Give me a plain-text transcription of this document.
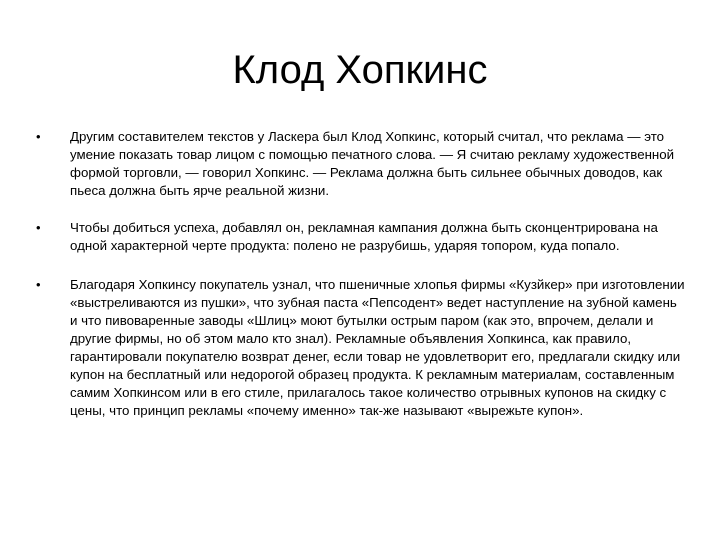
Клод Хопкинс
• Другим составителем текстов у Ласкера был Клод Хопкинс, который считал, что реклама — это умение показать товар лицом с помощью печатного слова. — Я считаю рекламу художественной формой торговли, — говорил Хопкинс. — Реклама должна быть сильнее обычных доводов, как пьеса должна быть ярче реальной жизни.
• Чтобы добиться успеха, добавлял он, рекламная кампания должна быть сконцентрирована на одной характерной черте продукта: полено не разрубишь, ударяя топором, куда попало.
• Благодаря Хопкинсу покупатель узнал, что пшеничные хлопья фирмы «Кузйкер» при изготовлении «выстреливаются из пушки», что зубная паста «Пепсодент» ведет наступление на зубной камень и что пивоваренные заводы «Шлиц» моют бутылки острым паром (как это, впрочем, делали и другие фирмы, но об этом мало кто знал). Рекламные объявления Хопкинса, как правило, гарантировали покупателю возврат денег, если товар не удовлетворит его, предлагали скидку или купон на бесплатный или недорогой образец продукта. К рекламным материалам, составленным самим Хопкинсом или в его стиле, прилагалось такое количество отрывных купонов на скидку с цены, что принцип рекламы «почему именно» так-же называют «вырежьте купон».
